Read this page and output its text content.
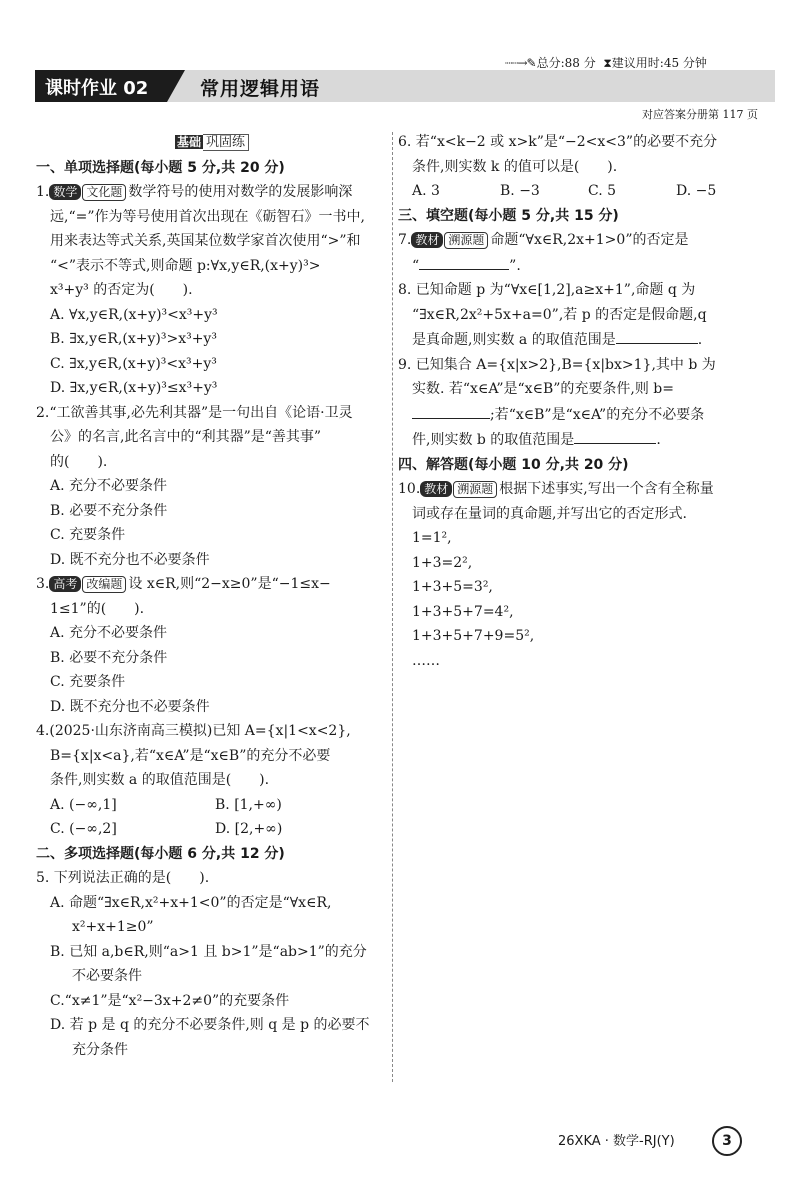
┈┈→✎总分:88 分 ⧗建议用时:45 分钟
课时作业 02	常用逻辑用语
对应答案分册第 117 页
基础 巩固练
一、单项选择题(每小题 5 分,共 20 分)
1. 数学 文化题 数学符号的使用对数学的发展影响深
远,“=”作为等号使用首次出现在《砺智石》一书中,
用来表达等式关系,英国某位数学家首次使用“>”和
“<”表示不等式,则命题 p:∀x,y∈R,(x+y)³>
x³+y³ 的否定为(　　).
A. ∀x,y∈R,(x+y)³<x³+y³
B. ∃x,y∈R,(x+y)³>x³+y³
C. ∃x,y∈R,(x+y)³<x³+y³
D. ∃x,y∈R,(x+y)³≤x³+y³
2.“工欲善其事,必先利其器”是一句出自《论语·卫灵
公》的名言,此名言中的“利其器”是“善其事”
的(　　).
A. 充分不必要条件
B. 必要不充分条件
C. 充要条件
D. 既不充分也不必要条件
3. 高考 改编题 设 x∈R,则“2−x≥0”是“−1≤x−
1≤1”的(　　).
A. 充分不必要条件
B. 必要不充分条件
C. 充要条件
D. 既不充分也不必要条件
4.(2025·山东济南高三模拟)已知 A={x|1<x<2},
B={x|x<a},若“x∈A”是“x∈B”的充分不必要
条件,则实数 a 的取值范围是(　　).
A. (−∞,1]	B. [1,+∞)
C. (−∞,2]	D. [2,+∞)
二、多项选择题(每小题 6 分,共 12 分)
5. 下列说法正确的是(　　).
A. 命题“∃x∈R,x²+x+1<0”的否定是“∀x∈R,
x²+x+1≥0”
B. 已知 a,b∈R,则“a>1 且 b>1”是“ab>1”的充分
不必要条件
C.“x≠1”是“x²−3x+2≠0”的充要条件
D. 若 p 是 q 的充分不必要条件,则 q 是 p 的必要不
充分条件
6. 若“x<k−2 或 x>k”是“−2<x<3”的必要不充分
条件,则实数 k 的值可以是(　　).
A. 3	B. −3	C. 5	D. −5
三、填空题(每小题 5 分,共 15 分)
7. 教材 溯源题 命题“∀x∈R,2x+1>0”的否定是
“	”.
8. 已知命题 p 为“∀x∈[1,2],a≥x+1”,命题 q 为
“∃x∈R,2x²+5x+a=0”,若 p 的否定是假命题,q
是真命题,则实数 a 的取值范围是	.
9. 已知集合 A={x|x>2},B={x|bx>1},其中 b 为
实数. 若“x∈A”是“x∈B”的充要条件,则 b=
;若“x∈B”是“x∈A”的充分不必要条
件,则实数 b 的取值范围是	.
四、解答题(每小题 10 分,共 20 分)
10. 教材 溯源题 根据下述事实,写出一个含有全称量
词或存在量词的真命题,并写出它的否定形式.
1=1²,
1+3=2²,
1+3+5=3²,
1+3+5+7=4²,
1+3+5+7+9=5²,
……
26XKA · 数学-RJ(Y)	3
